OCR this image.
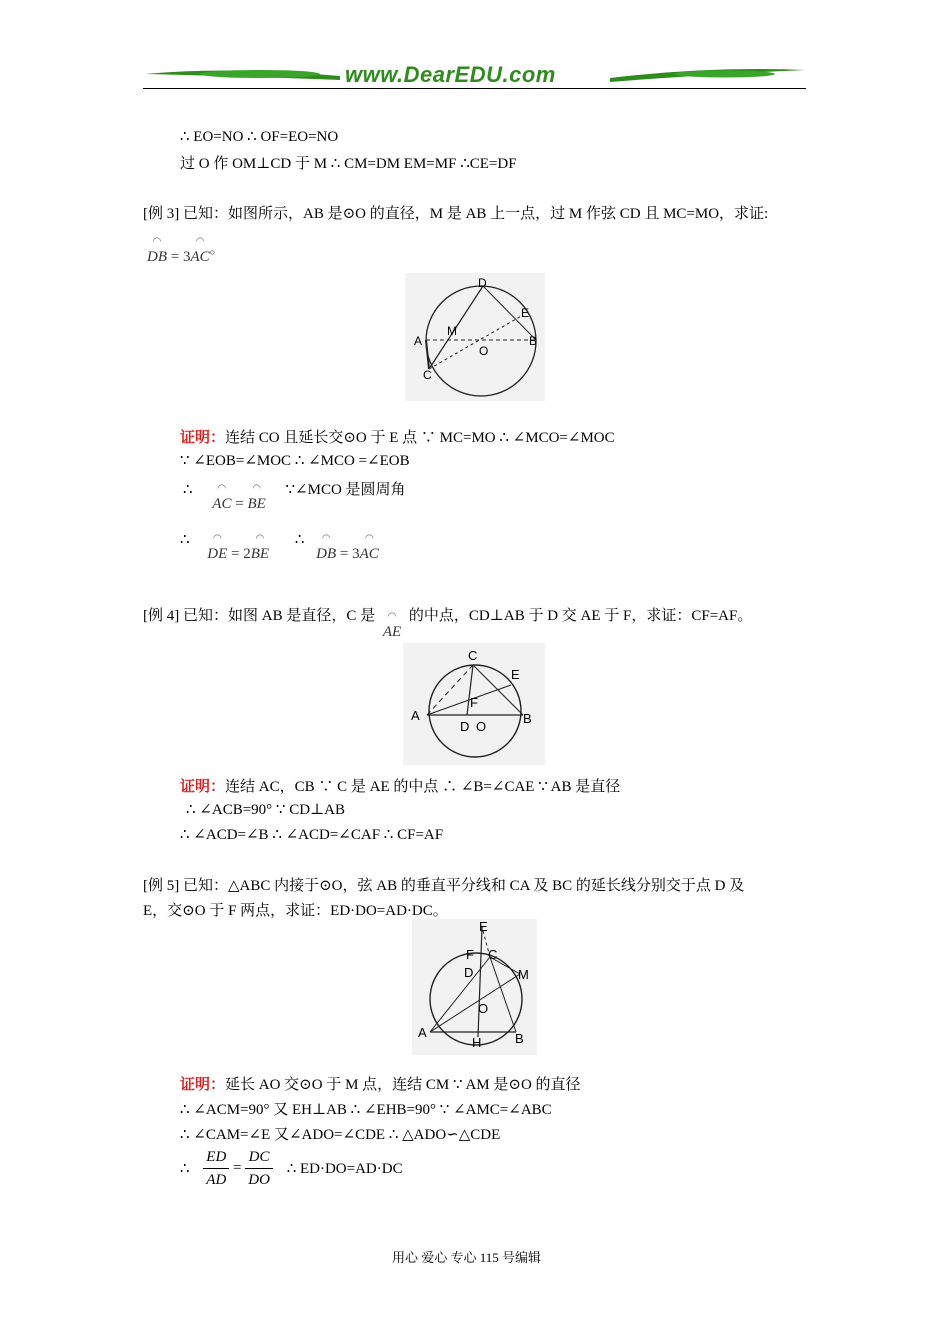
www.DearEDU.com
∴ EO=NO ∴ OF=EO=NO
过 O 作 OM⊥CD 于 M ∴ CM=DM EM=MF ∴CE=DF
[例 3] 已知：如图所示，AB 是⊙O 的直径，M 是 AB 上一点，过 M 作弦 CD 且 MC=MO，求证:
◠ DB = 3◠ AC。
D
E
A
M
O
B
C
证明：连结 CO 且延长交⊙O 于 E 点 ∵ MC=MO ∴ ∠MCO=∠MOC
∵ ∠EOB=∠MOC ∴ ∠MCO =∠EOB
∴ ◠ AC = ◠ BE ∵∠MCO 是圆周角
∴ ◠ DE = 2◠ BE ∴ ◠ DB = 3◠ AC
[例 4] 已知：如图 AB 是直径，C 是 ◠ AE 的中点，CD⊥AB 于 D 交 AE 于 F，求证：CF=AF。
C
E
A
F
D O
B
证明：连结 AC，CB ∵ C 是 AE 的中点 ∴ ∠B=∠CAE ∵ AB 是直径
∴ ∠ACB=90° ∵ CD⊥AB
∴ ∠ACD=∠B ∴ ∠ACD=∠CAF ∴ CF=AF
[例 5] 已知：△ABC 内接于⊙O，弦 AB 的垂直平分线和 CA 及 BC 的延长线分别交于点 D 及
E，交⊙O 于 F 两点，求证：ED·DO=AD·DC。
E
F C
M
D
O
A
H	B
证明：延长 AO 交⊙O 于 M 点，连结 CM ∵ AM 是⊙O 的直径
∴ ∠ACM=90° 又 EH⊥AB ∴ ∠EHB=90° ∵ ∠AMC=∠ABC
∴ ∠CAM=∠E 又∠ADO=∠CDE ∴ △ADO∽△CDE
∴ $\frac{ED}{AD} = \frac{DC}{DO}$ ∴ ED·DO=AD·DC
用心 爱心 专心 115 号编辑
